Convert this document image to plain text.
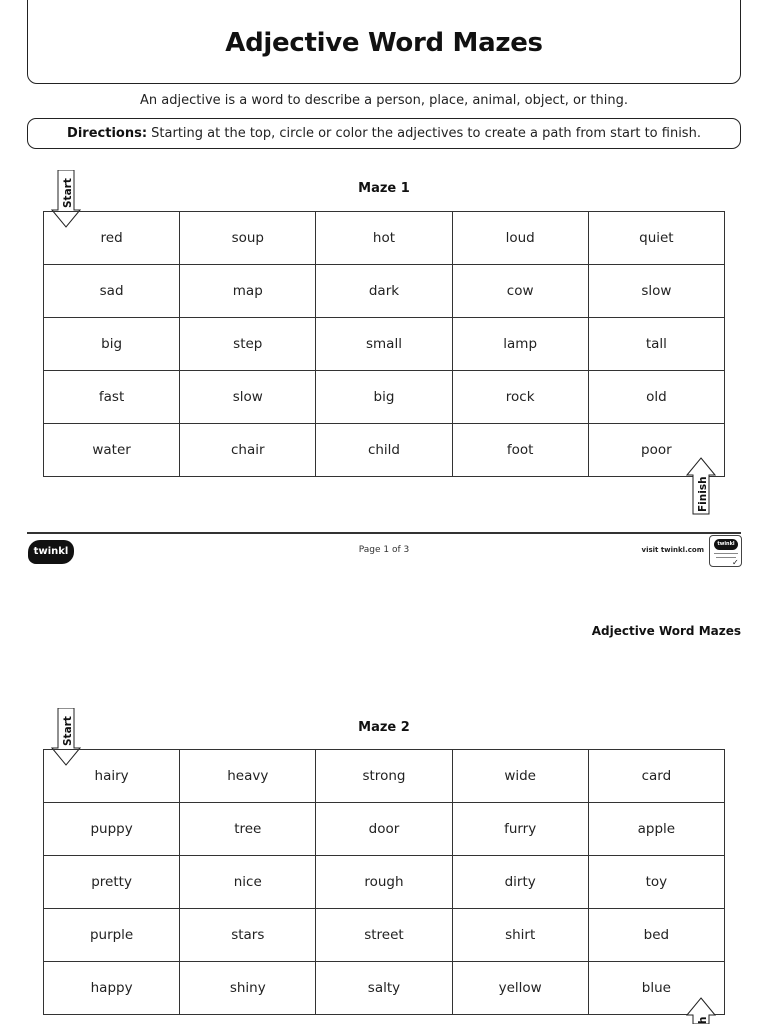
Adjective Word Mazes
An adjective is a word to describe a person, place, animal, object, or thing.
Directions: Starting at the top, circle or color the adjectives to create a path from start to finish.
Maze 1
Start
red	soup	hot	loud	quiet
sad	map	dark	cow	slow
big	step	small	lamp	tall
fast	slow	big	rock	old
water	chair	child	foot	poor
Finish
twinkl	Page 1 of 3	visit twinkl.com
twinkl
✓
Adjective Word Mazes
Maze 2
Start
hairy	heavy	strong	wide	card
puppy	tree	door	furry	apple
pretty	nice	rough	dirty	toy
purple	stars	street	shirt	bed
happy	shiny	salty	yellow	blue
h
